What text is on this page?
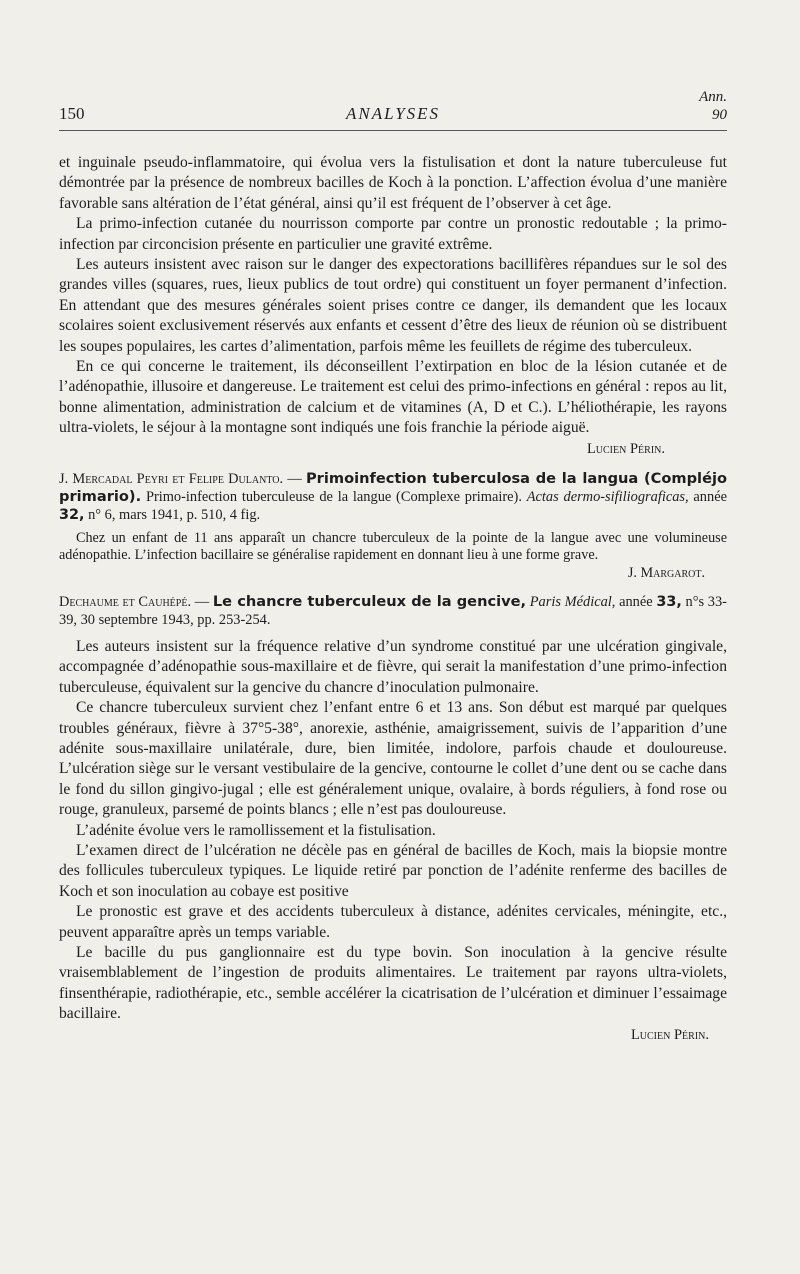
150	ANALYSES
Ann.
90

et inguinale pseudo-inflammatoire, qui évolua vers la fistulisation et dont la nature tuberculeuse fut démontrée par la présence de nombreux bacilles de Koch à la ponction. L’affection évolua d’une manière favorable sans altération de l’état général, ainsi qu’il est fréquent de l’observer à cet âge.

La primo-infection cutanée du nourrisson comporte par contre un pronostic redoutable ; la primo-infection par circoncision présente en particulier une gravité extrême.

Les auteurs insistent avec raison sur le danger des expectorations bacillifères répandues sur le sol des grandes villes (squares, rues, lieux publics de tout ordre) qui constituent un foyer permanent d’infection. En attendant que des mesures générales soient prises contre ce danger, ils demandent que les locaux scolaires soient exclusivement réservés aux enfants et cessent d’être des lieux de réunion où se distribuent les soupes populaires, les cartes d’alimentation, parfois même les feuillets de régime des tuberculeux.

En ce qui concerne le traitement, ils déconseillent l’extirpation en bloc de la lésion cutanée et de l’adénopathie, illusoire et dangereuse. Le traitement est celui des primo-infections en général : repos au lit, bonne alimentation, administration de calcium et de vitamines (A, D et C.). L’héliothérapie, les rayons ultra-violets, le séjour à la montagne sont indiqués une fois franchie la période aiguë.

Lucien Périn.
J. Mercadal Peyri et Felipe Dulanto. — Primoinfection tuberculosa de la langua (Compléjo primario). Primo-infection tuberculeuse de la langue (Complexe primaire). Actas dermo-sifiliograficas, année 32, n° 6, mars 1941, p. 510, 4 fig.

Chez un enfant de 11 ans apparaît un chancre tuberculeux de la pointe de la langue avec une volumineuse adénopathie. L’infection bacillaire se généralise rapidement en donnant lieu à une forme grave.

J. Margarot.
Dechaume et Cauhépé. — Le chancre tuberculeux de la gencive, Paris Médical, année 33, n°s 33-39, 30 septembre 1943, pp. 253-254.

Les auteurs insistent sur la fréquence relative d’un syndrome constitué par une ulcération gingivale, accompagnée d’adénopathie sous-maxillaire et de fièvre, qui serait la manifestation d’une primo-infection tuberculeuse, équivalent sur la gencive du chancre d’inoculation pulmonaire.

Ce chancre tuberculeux survient chez l’enfant entre 6 et 13 ans. Son début est marqué par quelques troubles généraux, fièvre à 37°5-38°, anorexie, asthénie, amaigrissement, suivis de l’apparition d’une adénite sous-maxillaire unilatérale, dure, bien limitée, indolore, parfois chaude et douloureuse. L’ulcération siège sur le versant vestibulaire de la gencive, contourne le collet d’une dent ou se cache dans le fond du sillon gingivo-jugal ; elle est généralement unique, ovalaire, à bords réguliers, à fond rose ou rouge, granuleux, parsemé de points blancs ; elle n’est pas douloureuse.

L’adénite évolue vers le ramollissement et la fistulisation.

L’examen direct de l’ulcération ne décèle pas en général de bacilles de Koch, mais la biopsie montre des follicules tuberculeux typiques. Le liquide retiré par ponction de l’adénite renferme des bacilles de Koch et son inoculation au cobaye est positive

Le pronostic est grave et des accidents tuberculeux à distance, adénites cervicales, méningite, etc., peuvent apparaître après un temps variable.

Le bacille du pus ganglionnaire est du type bovin. Son inoculation à la gencive résulte vraisemblablement de l’ingestion de produits alimentaires. Le traitement par rayons ultra-violets, finsenthérapie, radiothérapie, etc., semble accélérer la cicatrisation de l’ulcération et diminuer l’essaimage bacillaire.

Lucien Périn.
